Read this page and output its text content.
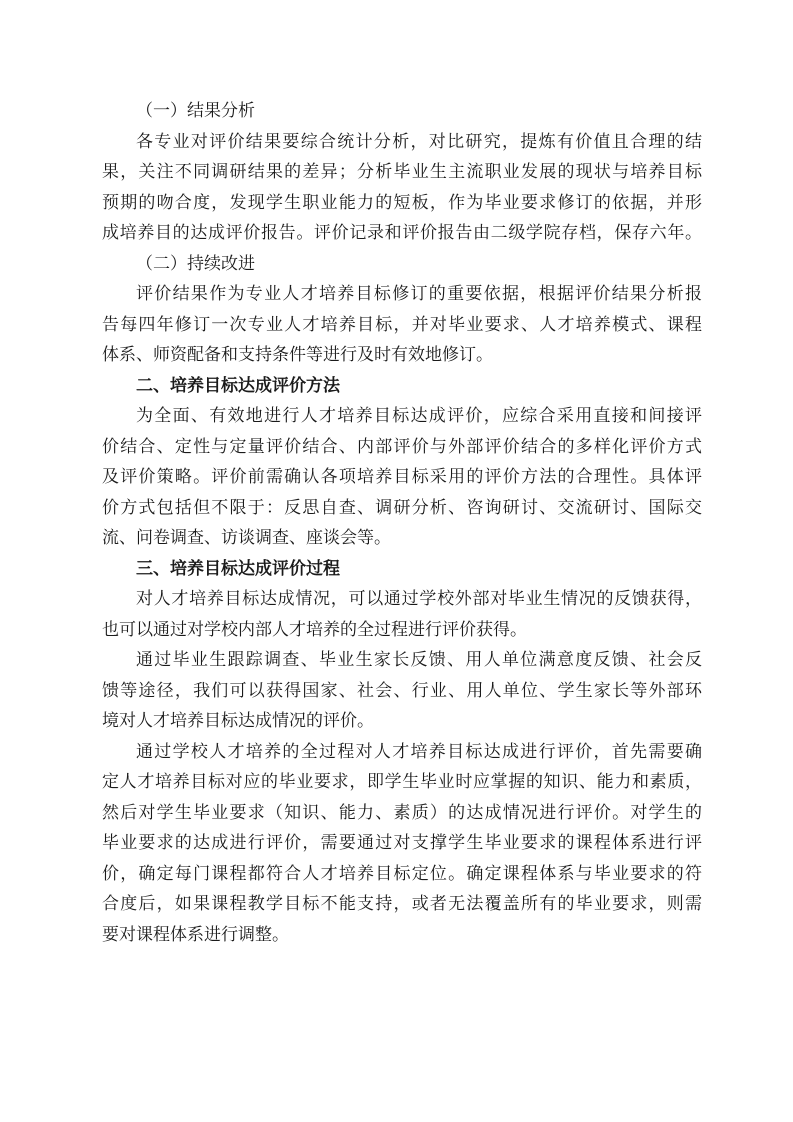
（一）结果分析
各专业对评价结果要综合统计分析，对比研究，提炼有价值且合理的结
果，关注不同调研结果的差异；分析毕业生主流职业发展的现状与培养目标
预期的吻合度，发现学生职业能力的短板，作为毕业要求修订的依据，并形
成培养目的达成评价报告。评价记录和评价报告由二级学院存档，保存六年。
（二）持续改进
评价结果作为专业人才培养目标修订的重要依据，根据评价结果分析报
告每四年修订一次专业人才培养目标，并对毕业要求、人才培养模式、课程
体系、师资配备和支持条件等进行及时有效地修订。
二、培养目标达成评价方法
为全面、有效地进行人才培养目标达成评价，应综合采用直接和间接评
价结合、定性与定量评价结合、内部评价与外部评价结合的多样化评价方式
及评价策略。评价前需确认各项培养目标采用的评价方法的合理性。具体评
价方式包括但不限于：反思自查、调研分析、咨询研讨、交流研讨、国际交
流、问卷调查、访谈调查、座谈会等。
三、培养目标达成评价过程
对人才培养目标达成情况，可以通过学校外部对毕业生情况的反馈获得，
也可以通过对学校内部人才培养的全过程进行评价获得。
通过毕业生跟踪调查、毕业生家长反馈、用人单位满意度反馈、社会反
馈等途径，我们可以获得国家、社会、行业、用人单位、学生家长等外部环
境对人才培养目标达成情况的评价。
通过学校人才培养的全过程对人才培养目标达成进行评价，首先需要确
定人才培养目标对应的毕业要求，即学生毕业时应掌握的知识、能力和素质，
然后对学生毕业要求（知识、能力、素质）的达成情况进行评价。对学生的
毕业要求的达成进行评价，需要通过对支撑学生毕业要求的课程体系进行评
价，确定每门课程都符合人才培养目标定位。确定课程体系与毕业要求的符
合度后，如果课程教学目标不能支持，或者无法覆盖所有的毕业要求，则需
要对课程体系进行调整。
